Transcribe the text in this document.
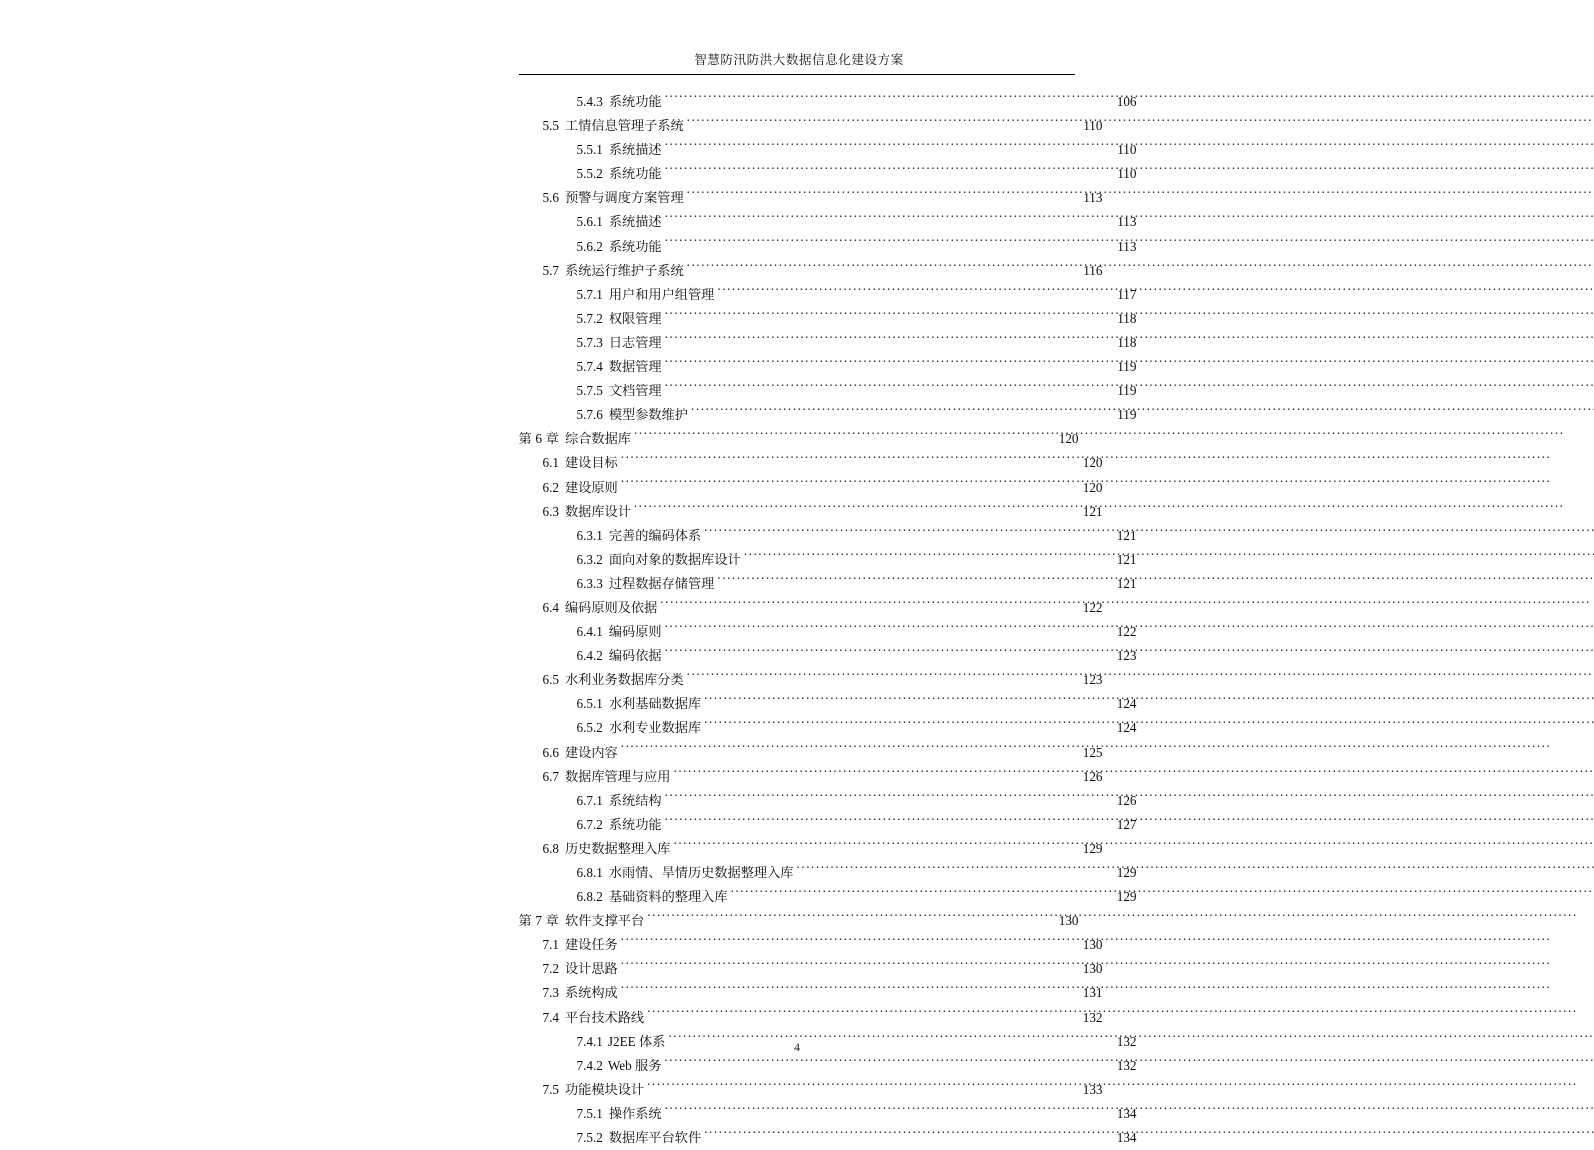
智慧防汛防洪大数据信息化建设方案
5.4.3 系统功能 .....	106
5.5 工情信息管理子系统 .....	110
5.5.1 系统描述 .....	110
5.5.2 系统功能 .....	110
5.6 预警与调度方案管理 .....	113
5.6.1 系统描述 .....	113
5.6.2 系统功能 .....	113
5.7 系统运行维护子系统 .....	116
5.7.1 用户和用户组管理 .....	117
5.7.2 权限管理 .....	118
5.7.3 日志管理 .....	118
5.7.4 数据管理 .....	119
5.7.5 文档管理 .....	119
5.7.6 模型参数维护 .....	119
第 6 章 综合数据库 .....	120
6.1 建设目标 .....	120
6.2 建设原则 .....	120
6.3 数据库设计 .....	121
6.3.1 完善的编码体系 .....	121
6.3.2 面向对象的数据库设计 .....	121
6.3.3 过程数据存储管理 .....	121
6.4 编码原则及依据 .....	122
6.4.1 编码原则 .....	122
6.4.2 编码依据 .....	123
6.5 水利业务数据库分类 .....	123
6.5.1 水利基础数据库 .....	124
6.5.2 水利专业数据库 .....	124
6.6 建设内容 .....	125
6.7 数据库管理与应用 .....	126
6.7.1 系统结构 .....	126
6.7.2 系统功能 .....	127
6.8 历史数据整理入库 .....	129
6.8.1 水雨情、旱情历史数据整理入库 .....	129
6.8.2 基础资料的整理入库 .....	129
第 7 章 软件支撑平台 .....	130
7.1 建设任务 .....	130
7.2 设计思路 .....	130
7.3 系统构成 .....	131
7.4 平台技术路线 .....	132
7.4.1 J2EE 体系 .....	132
7.4.2 Web 服务 .....	132
7.5 功能模块设计 .....	133
7.5.1 操作系统 .....	134
7.5.2 数据库平台软件 .....	134
4
